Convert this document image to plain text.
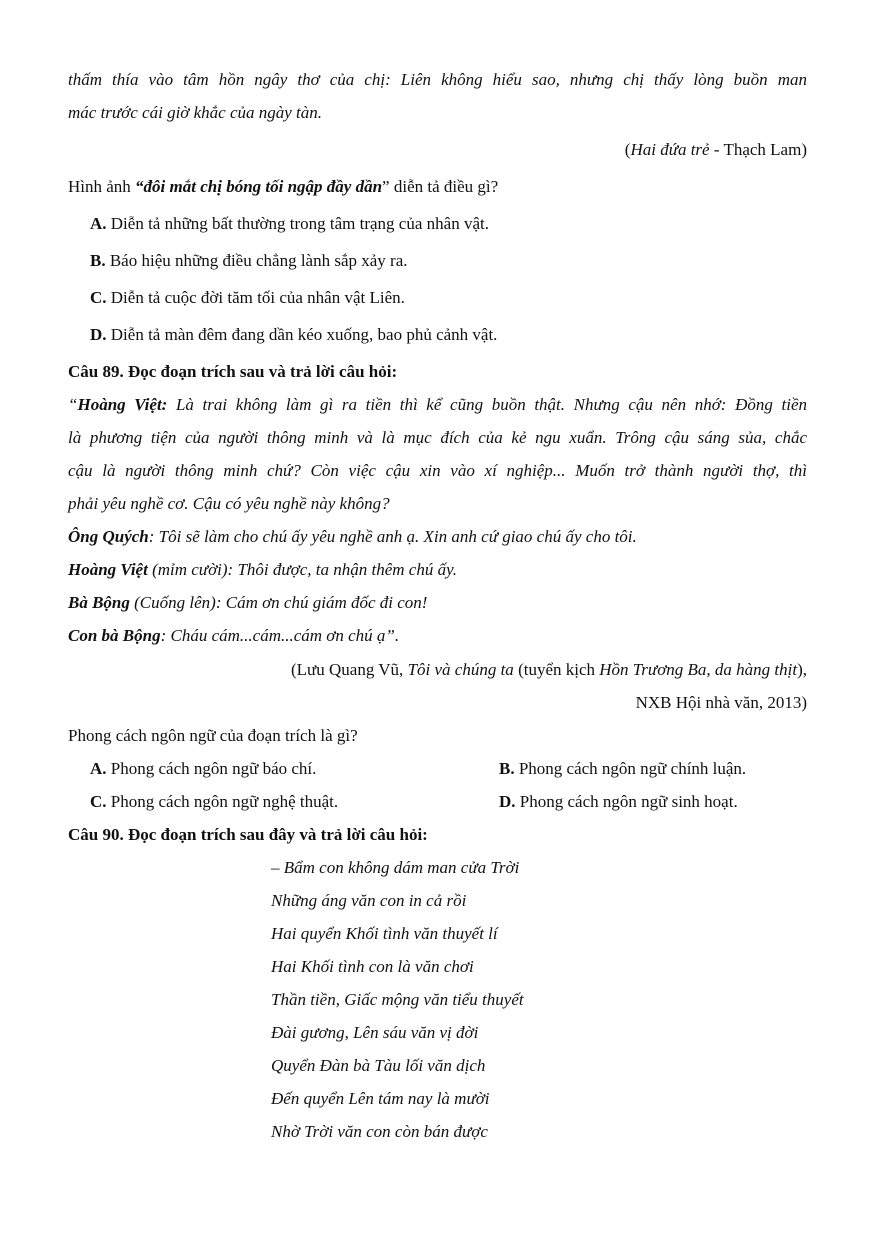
thấm thía vào tâm hồn ngây thơ của chị: Liên không hiểu sao, nhưng chị thấy lòng buồn man
mác trước cái giờ khắc của ngày tàn.
(Hai đứa trẻ - Thạch Lam)
Hình ảnh “đôi mắt chị bóng tối ngập đầy dần” diễn tả điều gì?
A. Diễn tả những bất thường trong tâm trạng của nhân vật.
B. Báo hiệu những điều chẳng lành sắp xảy ra.
C. Diễn tả cuộc đời tăm tối của nhân vật Liên.
D. Diễn tả màn đêm đang dần kéo xuống, bao phủ cảnh vật.
Câu 89. Đọc đoạn trích sau và trả lời câu hỏi:
“Hoàng Việt: Là trai không làm gì ra tiền thì kể cũng buồn thật. Nhưng cậu nên nhớ: Đồng tiền
là phương tiện của người thông minh và là mục đích của kẻ ngu xuẩn. Trông cậu sáng sủa, chắc
cậu là người thông minh chứ? Còn việc cậu xin vào xí nghiệp... Muốn trở thành người thợ, thì
phải yêu nghề cơ. Cậu có yêu nghề này không?
Ông Quých: Tôi sẽ làm cho chú ấy yêu nghề anh ạ. Xin anh cứ giao chú ấy cho tôi.
Hoàng Việt (mỉm cười): Thôi được, ta nhận thêm chú ấy.
Bà Bộng (Cuống lên): Cám ơn chú giám đốc đi con!
Con bà Bộng: Cháu cám...cám...cám ơn chú ạ”.
(Lưu Quang Vũ, Tôi và chúng ta (tuyển kịch Hồn Trương Ba, da hàng thịt),
NXB Hội nhà văn, 2013)
Phong cách ngôn ngữ của đoạn trích là gì?
A. Phong cách ngôn ngữ báo chí.	B. Phong cách ngôn ngữ chính luận.
C. Phong cách ngôn ngữ nghệ thuật.	D. Phong cách ngôn ngữ sinh hoạt.
Câu 90. Đọc đoạn trích sau đây và trả lời câu hỏi:
– Bẩm con không dám man cửa Trời
Những áng văn con in cả rồi
Hai quyển Khối tình văn thuyết lí
Hai Khối tình con là văn chơi
Thần tiền, Giấc mộng văn tiểu thuyết
Đài gương, Lên sáu văn vị đời
Quyển Đàn bà Tàu lối văn dịch
Đến quyển Lên tám nay là mười
Nhờ Trời văn con còn bán được
